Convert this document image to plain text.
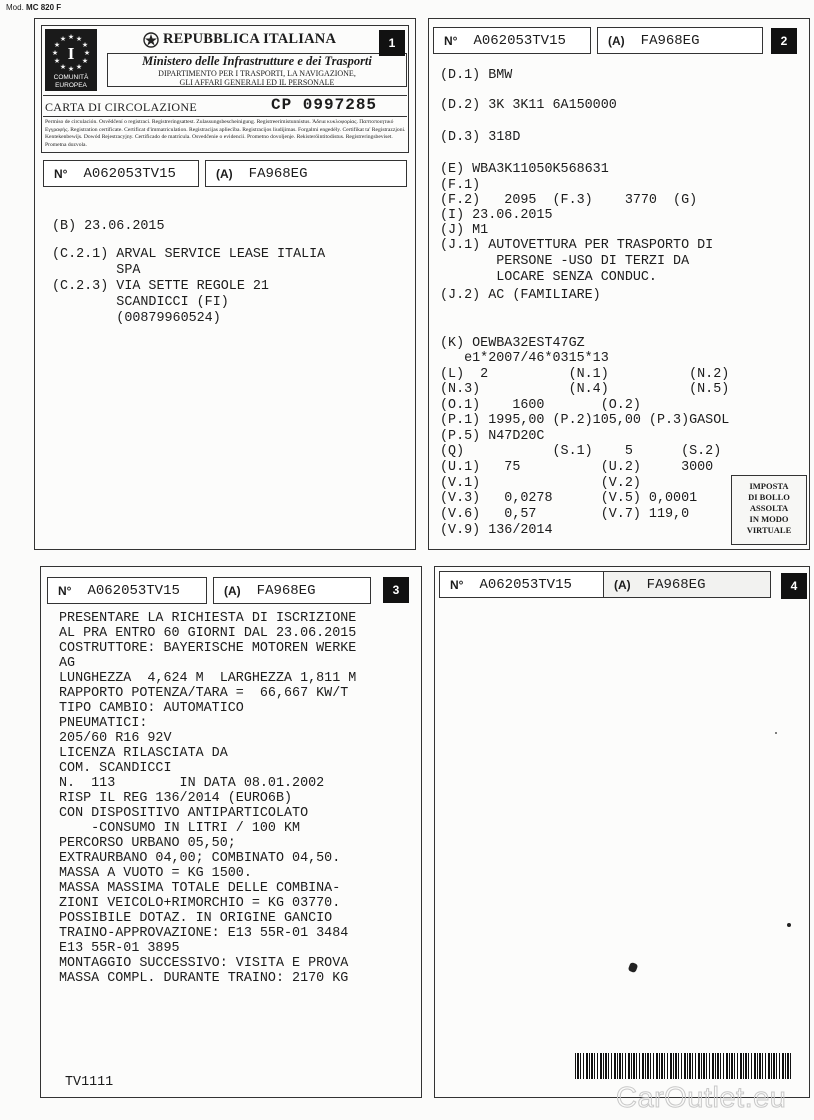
Mod. MC 820 F
★ ★
★
★
★
★
★
★
★
★
★
★
I
COMUNITÀ
EUROPEA
REPUBBLICA ITALIANA
Ministero delle Infrastrutture e dei Trasporti
DIPARTIMENTO PER I TRASPORTI, LA NAVIGAZIONE,
GLI AFFARI GENERALI ED IL PERSONALE
CARTA DI CIRCOLAZIONE	CP 0997285
Permiso de circulación. Osvědčení o registraci. Registreringsattest. Zulassungsbescheinigung. Registreerimistunnistus. Άδεια κυκλοφορίας. Παπτοποιητικό Εγγραφής. Registration certificate. Certificat d'immatriculation. Registracijas apliecība. Registracijos liudijimas. Forgalmi engedély. Certifikat ta' Registrazzjoni. Kentekenbewijs. Dowód Rejestracyjny. Certificado de matrícula. Osvedčenie o evidencii. Prometno dovoljenje. Rekisteröintitodistus. Registreringsbeviset. Prometna dozvola.
1
N° A062053TV15	(A) FA968EG
(B) 23.06.2015
(C.2.1) ARVAL SERVICE LEASE ITALIA
SPA
(C.2.3) VIA SETTE REGOLE 21
SCANDICCI (FI)
(00879960524)
N° A062053TV15	(A) FA968EG	2
(D.1) BMW
(D.2) 3K 3K11 6A150000
(D.3) 318D
(E) WBA3K11050K568631
(F.1)
(F.2)   2095  (F.3)    3770  (G)
(I) 23.06.2015
(J) M1
(J.1) AUTOVETTURA PER TRASPORTO DI
PERSONE -USO DI TERZI DA
LOCARE SENZA CONDUC.
(J.2) AC (FAMILIARE)
(K) OEWBA32EST47GZ
e1*2007/46*0315*13
(L)  2          (N.1)          (N.2)
(N.3)           (N.4)          (N.5)
(O.1)    1600       (O.2)
(P.1) 1995,00 (P.2)105,00 (P.3)GASOL
(P.5) N47D20C
(Q)           (S.1)    5      (S.2)
(U.1)   75          (U.2)     3000
(V.1)               (V.2)
(V.3)   0,0278      (V.5) 0,0001
(V.6)   0,57        (V.7) 119,0
(V.9) 136/2014
IMPOSTA
DI BOLLO
ASSOLTA
IN MODO
VIRTUALE
N° A062053TV15	(A) FA968EG	3
PRESENTARE LA RICHIESTA DI ISCRIZIONE
AL PRA ENTRO 60 GIORNI DAL 23.06.2015
COSTRUTTORE: BAYERISCHE MOTOREN WERKE
AG
LUNGHEZZA  4,624 M  LARGHEZZA 1,811 M
RAPPORTO POTENZA/TARA =  66,667 KW/T
TIPO CAMBIO: AUTOMATICO
PNEUMATICI:
205/60 R16 92V
LICENZA RILASCIATA DA
COM. SCANDICCI
N.  113        IN DATA 08.01.2002
RISP IL REG 136/2014 (EURO6B)
CON DISPOSITIVO ANTIPARTICOLATO
-CONSUMO IN LITRI / 100 KM
PERCORSO URBANO 05,50;
EXTRAURBANO 04,00; COMBINATO 04,50.
MASSA A VUOTO = KG 1500.
MASSA MASSIMA TOTALE DELLE COMBINA-
ZIONI VEICOLO+RIMORCHIO = KG 03770.
POSSIBILE DOTAZ. IN ORIGINE GANCIO
TRAINO-APPROVAZIONE: E13 55R-01 3484
E13 55R-01 3895
MONTAGGIO SUCCESSIVO: VISITA E PROVA
MASSA COMPL. DURANTE TRAINO: 2170 KG
TV1111
N° A062053TV15	(A) FA968EG	4
CarOutlet.eu
